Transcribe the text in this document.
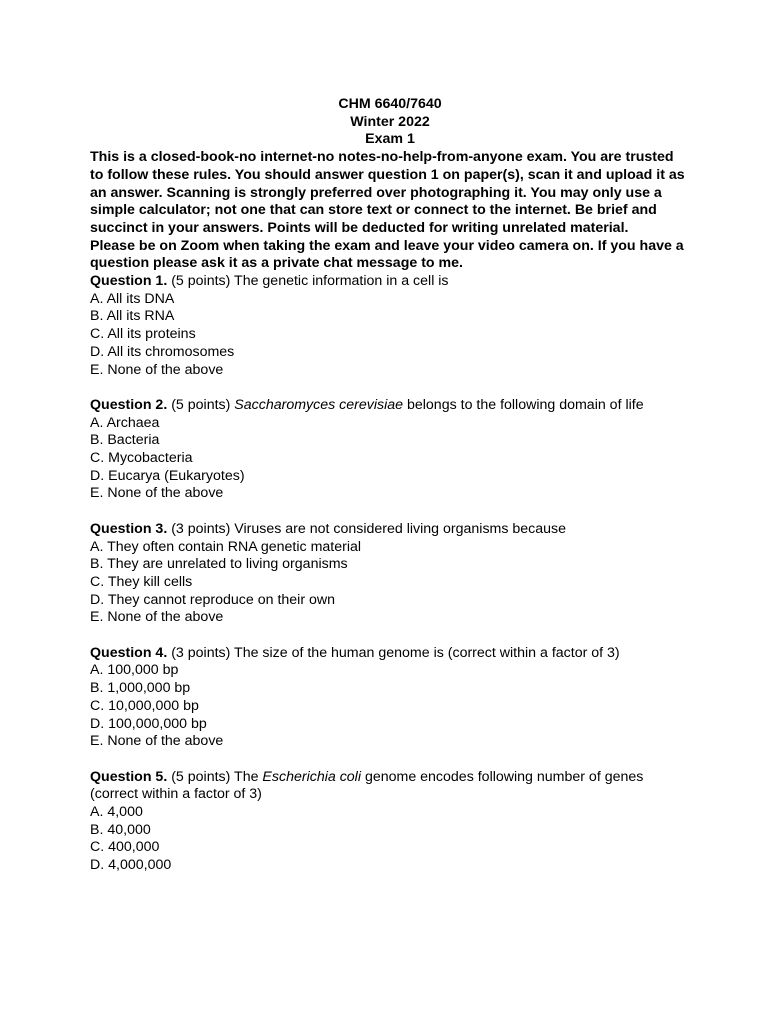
CHM 6640/7640
Winter 2022
Exam 1
This is a closed-book-no internet-no notes-no-help-from-anyone exam. You are trusted to follow these rules. You should answer question 1 on paper(s), scan it and upload it as an answer. Scanning is strongly preferred over photographing it. You may only use a simple calculator; not one that can store text or connect to the internet. Be brief and succinct in your answers. Points will be deducted for writing unrelated material.
Please be on Zoom when taking the exam and leave your video camera on. If you have a question please ask it as a private chat message to me.
Question 1. (5 points) The genetic information in a cell is
A. All its DNA
B. All its RNA
C. All its proteins
D. All its chromosomes
E. None of the above
Question 2. (5 points) Saccharomyces cerevisiae belongs to the following domain of life
A. Archaea
B. Bacteria
C. Mycobacteria
D. Eucarya (Eukaryotes)
E. None of the above
Question 3. (3 points) Viruses are not considered living organisms because
A. They often contain RNA genetic material
B. They are unrelated to living organisms
C. They kill cells
D. They cannot reproduce on their own
E. None of the above
Question 4. (3 points) The size of the human genome is (correct within a factor of 3)
A. 100,000 bp
B. 1,000,000 bp
C. 10,000,000 bp
D. 100,000,000 bp
E. None of the above
Question 5. (5 points) The Escherichia coli genome encodes following number of genes (correct within a factor of 3)
A. 4,000
B. 40,000
C. 400,000
D. 4,000,000
